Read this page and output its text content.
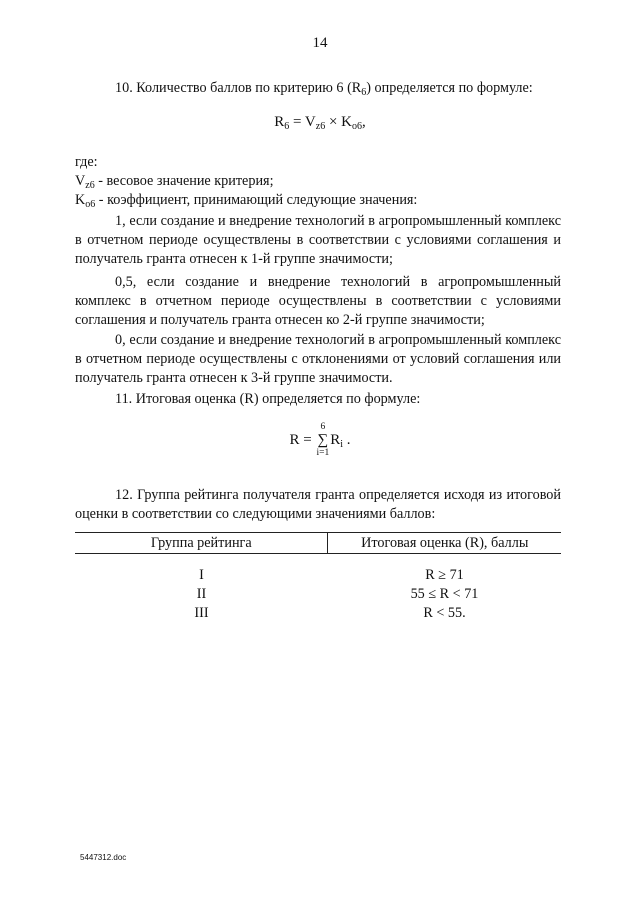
14
10. Количество баллов по критерию 6 $(R_6)$ определяется по формуле:
$R_6 = V_{z6} \times K_{о6}$,
где:
$V_{z6}$ - весовое значение критерия;
$K_{о6}$ - коэффициент, принимающий следующие значения:
1, если создание и внедрение технологий в агропромышленный комплекс в отчетном периоде осуществлены в соответствии с условиями соглашения и получатель гранта отнесен к 1-й группе значимости;
0,5, если создание и внедрение технологий в агропромышленный комплекс в отчетном периоде осуществлены в соответствии с условиями соглашения и получатель гранта отнесен ко 2-й группе значимости;
0, если создание и внедрение технологий в агропромышленный комплекс в отчетном периоде осуществлены с отклонениями от условий соглашения или получатель гранта отнесен к 3-й группе значимости.
11. Итоговая оценка (R) определяется по формуле:
R =
6
∑
i=1
$R_i$ .
12. Группа рейтинга получателя гранта определяется исходя из итоговой оценки в соответствии со следующими значениями баллов:
Группа рейтинга	Итоговая оценка (R), баллы
I	R ≥ 71
II	55 ≤ R < 71
III	R < 55.
5447312.doc
